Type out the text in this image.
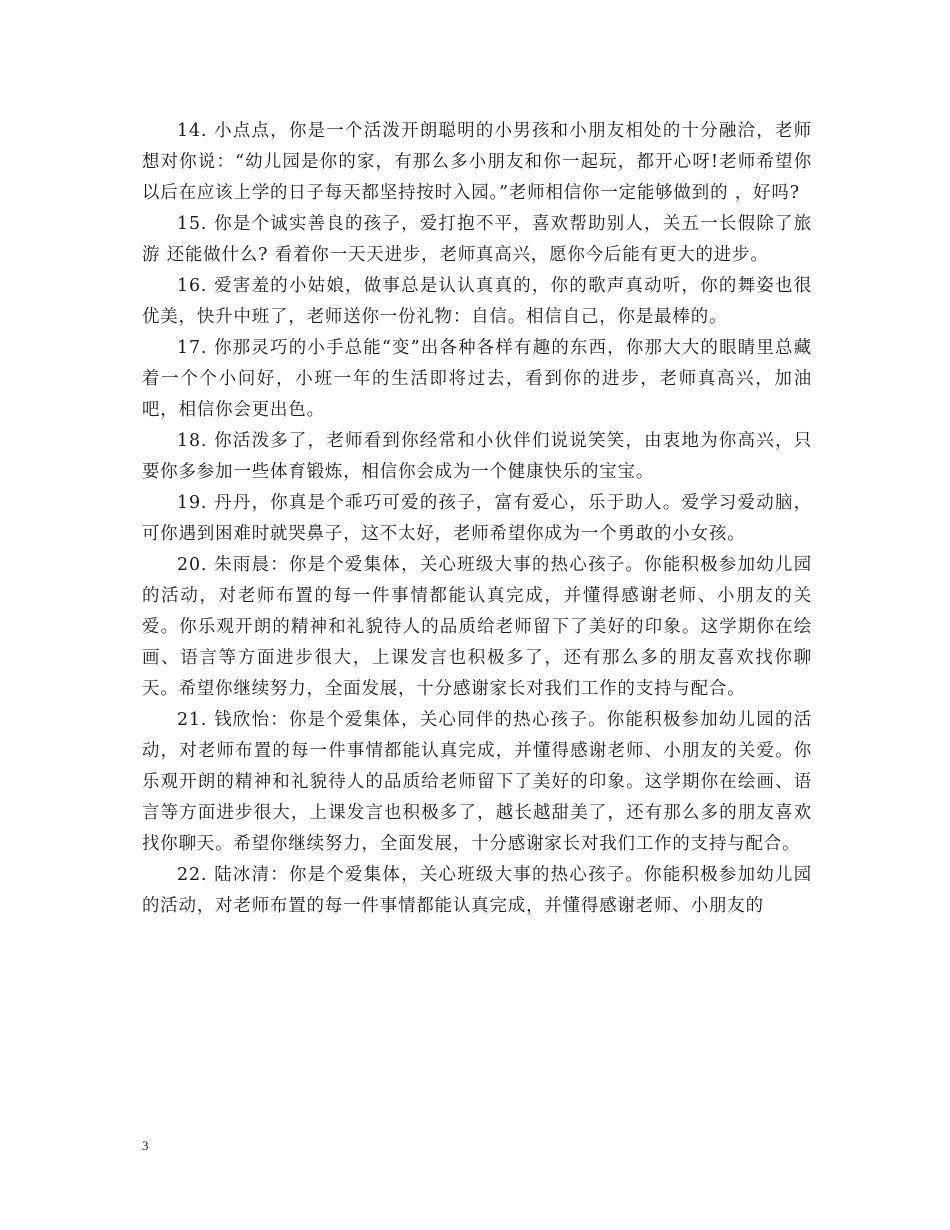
14. 小点点，你是一个活泼开朗聪明的小男孩和小朋友相处的十分融洽，老师想对你说：“幼儿园是你的家，有那么多小朋友和你一起玩，都开心呀!老师希望你以后在应该上学的日子每天都坚持按时入园。”老师相信你一定能够做到的 ，好吗?

15. 你是个诚实善良的孩子，爱打抱不平，喜欢帮助别人，关五一长假除了旅游 还能做什么? 看着你一天天进步，老师真高兴，愿你今后能有更大的进步。

16. 爱害羞的小姑娘，做事总是认认真真的，你的歌声真动听，你的舞姿也很优美，快升中班了，老师送你一份礼物：自信。相信自己，你是最棒的。

17. 你那灵巧的小手总能“变”出各种各样有趣的东西，你那大大的眼睛里总藏着一个个小问好，小班一年的生活即将过去，看到你的进步，老师真高兴，加油吧，相信你会更出色。

18. 你活泼多了，老师看到你经常和小伙伴们说说笑笑，由衷地为你高兴，只要你多参加一些体育锻炼，相信你会成为一个健康快乐的宝宝。

19. 丹丹，你真是个乖巧可爱的孩子，富有爱心，乐于助人。爱学习爱动脑，可你遇到困难时就哭鼻子，这不太好，老师希望你成为一个勇敢的小女孩。

20. 朱雨晨：你是个爱集体，关心班级大事的热心孩子。你能积极参加幼儿园的活动，对老师布置的每一件事情都能认真完成，并懂得感谢老师、小朋友的关爱。你乐观开朗的精神和礼貌待人的品质给老师留下了美好的印象。这学期你在绘画、语言等方面进步很大，上课发言也积极多了，还有那么多的朋友喜欢找你聊天。希望你继续努力，全面发展，十分感谢家长对我们工作的支持与配合。

21. 钱欣怡：你是个爱集体，关心同伴的热心孩子。你能积极参加幼儿园的活动，对老师布置的每一件事情都能认真完成，并懂得感谢老师、小朋友的关爱。你乐观开朗的精神和礼貌待人的品质给老师留下了美好的印象。这学期你在绘画、语言等方面进步很大，上课发言也积极多了，越长越甜美了，还有那么多的朋友喜欢找你聊天。希望你继续努力，全面发展，十分感谢家长对我们工作的支持与配合。

22. 陆冰清：你是个爱集体，关心班级大事的热心孩子。你能积极参加幼儿园的活动，对老师布置的每一件事情都能认真完成，并懂得感谢老师、小朋友的

3
